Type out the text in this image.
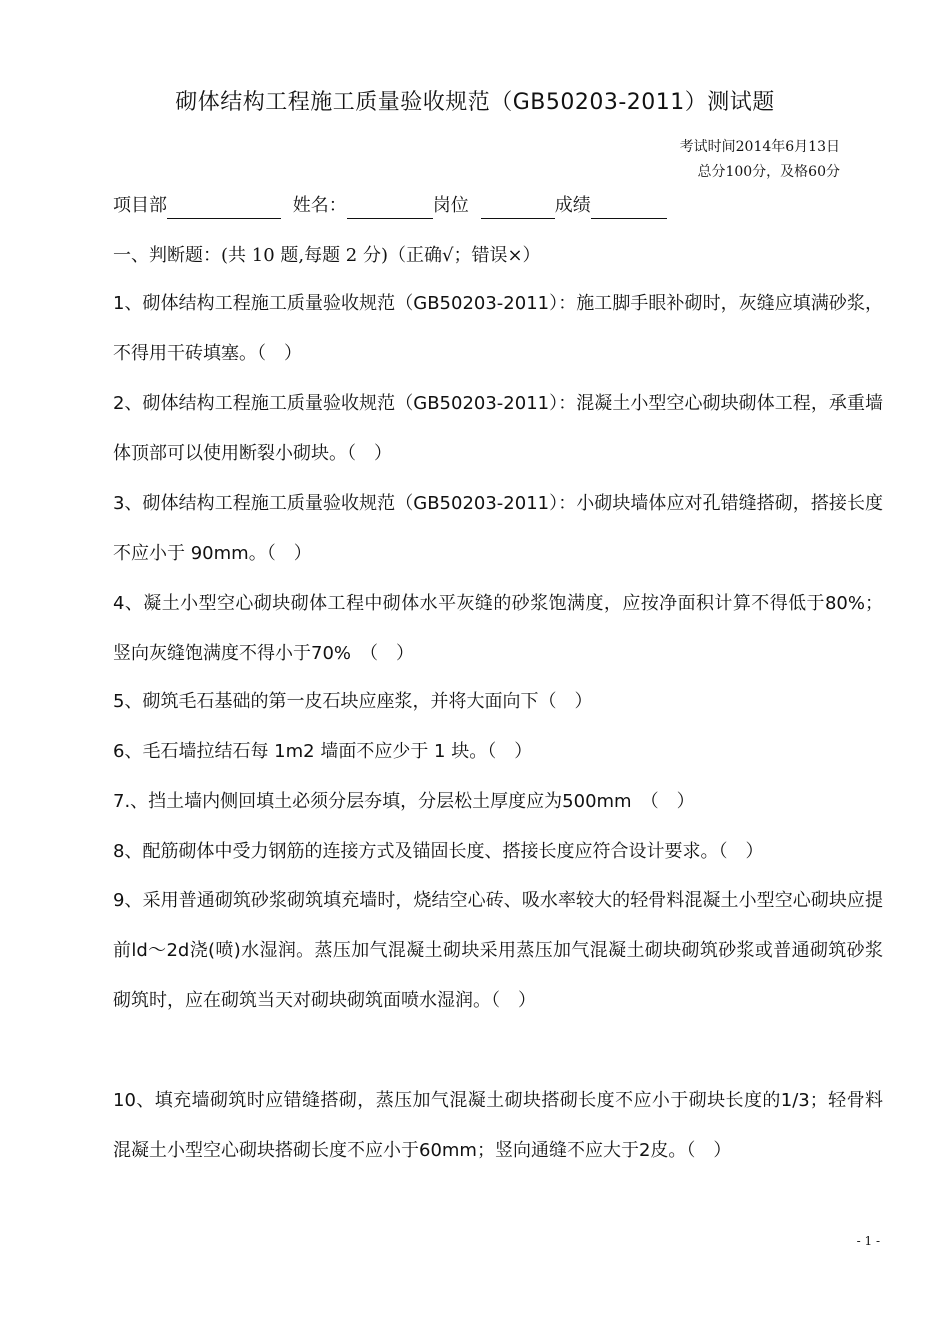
砌体结构工程施工质量验收规范（GB50203-2011）测试题
考试时间2014年6月13日
总分100分，及格60分
项目部	姓名：	岗位	成绩
一、判断题：(共 10 题,每题 2 分)（正确√；错误×）
1、砌体结构工程施工质量验收规范（GB50203-2011）：施工脚手眼补砌时，灰缝应填满砂浆，不得用干砖填塞。（　）
2、砌体结构工程施工质量验收规范（GB50203-2011）：混凝土小型空心砌块砌体工程，承重墙体顶部可以使用断裂小砌块。（　）
3、砌体结构工程施工质量验收规范（GB50203-2011）：小砌块墙体应对孔错缝搭砌，搭接长度不应小于 90mm。（　）
4、凝土小型空心砌块砌体工程中砌体水平灰缝的砂浆饱满度，应按净面积计算不得低于80%；竖向灰缝饱满度不得小于70%　（　）
5、砌筑毛石基础的第一皮石块应座浆，并将大面向下（　）
6、毛石墙拉结石每 1m2 墙面不应少于 1 块。（　）
7.、挡土墙内侧回填土必须分层夯填，分层松土厚度应为500mm　（　）
8、配筋砌体中受力钢筋的连接方式及锚固长度、搭接长度应符合设计要求。（　）
9、采用普通砌筑砂浆砌筑填充墙时，烧结空心砖、吸水率较大的轻骨料混凝土小型空心砌块应提前ld～2d浇(喷)水湿润。蒸压加气混凝土砌块采用蒸压加气混凝土砌块砌筑砂浆或普通砌筑砂浆砌筑时，应在砌筑当天对砌块砌筑面喷水湿润。（　）
10、填充墙砌筑时应错缝搭砌，蒸压加气混凝土砌块搭砌长度不应小于砌块长度的1/3；轻骨料混凝土小型空心砌块搭砌长度不应小于60mm；竖向通缝不应大于2皮。（　）
- 1 -
